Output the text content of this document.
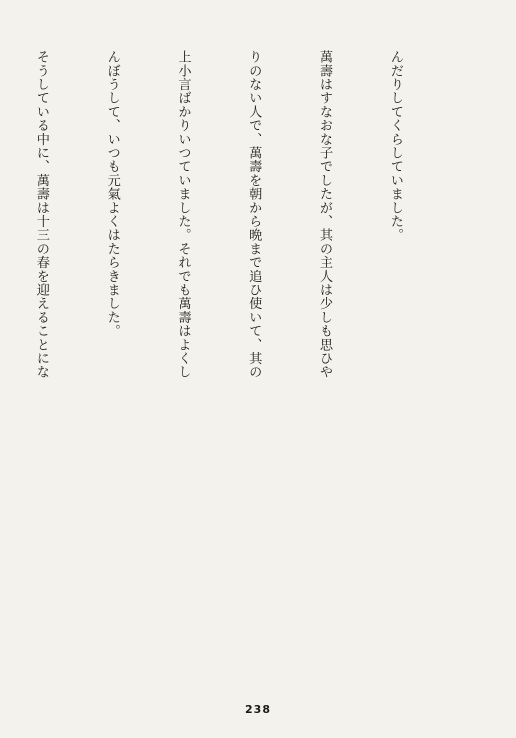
んだりしてくらしていました。

萬壽はすなおな子でしたが、其の主人は少しも思ひや

りのない人で、萬壽を朝から晩まで追ひ使いて、其の

上小言ばかりいつていました。それでも萬壽はよくし

んぼうして、いつも元氣よくはたらきました。

そうしている中に、萬壽は十三の春を迎えることにな

238
